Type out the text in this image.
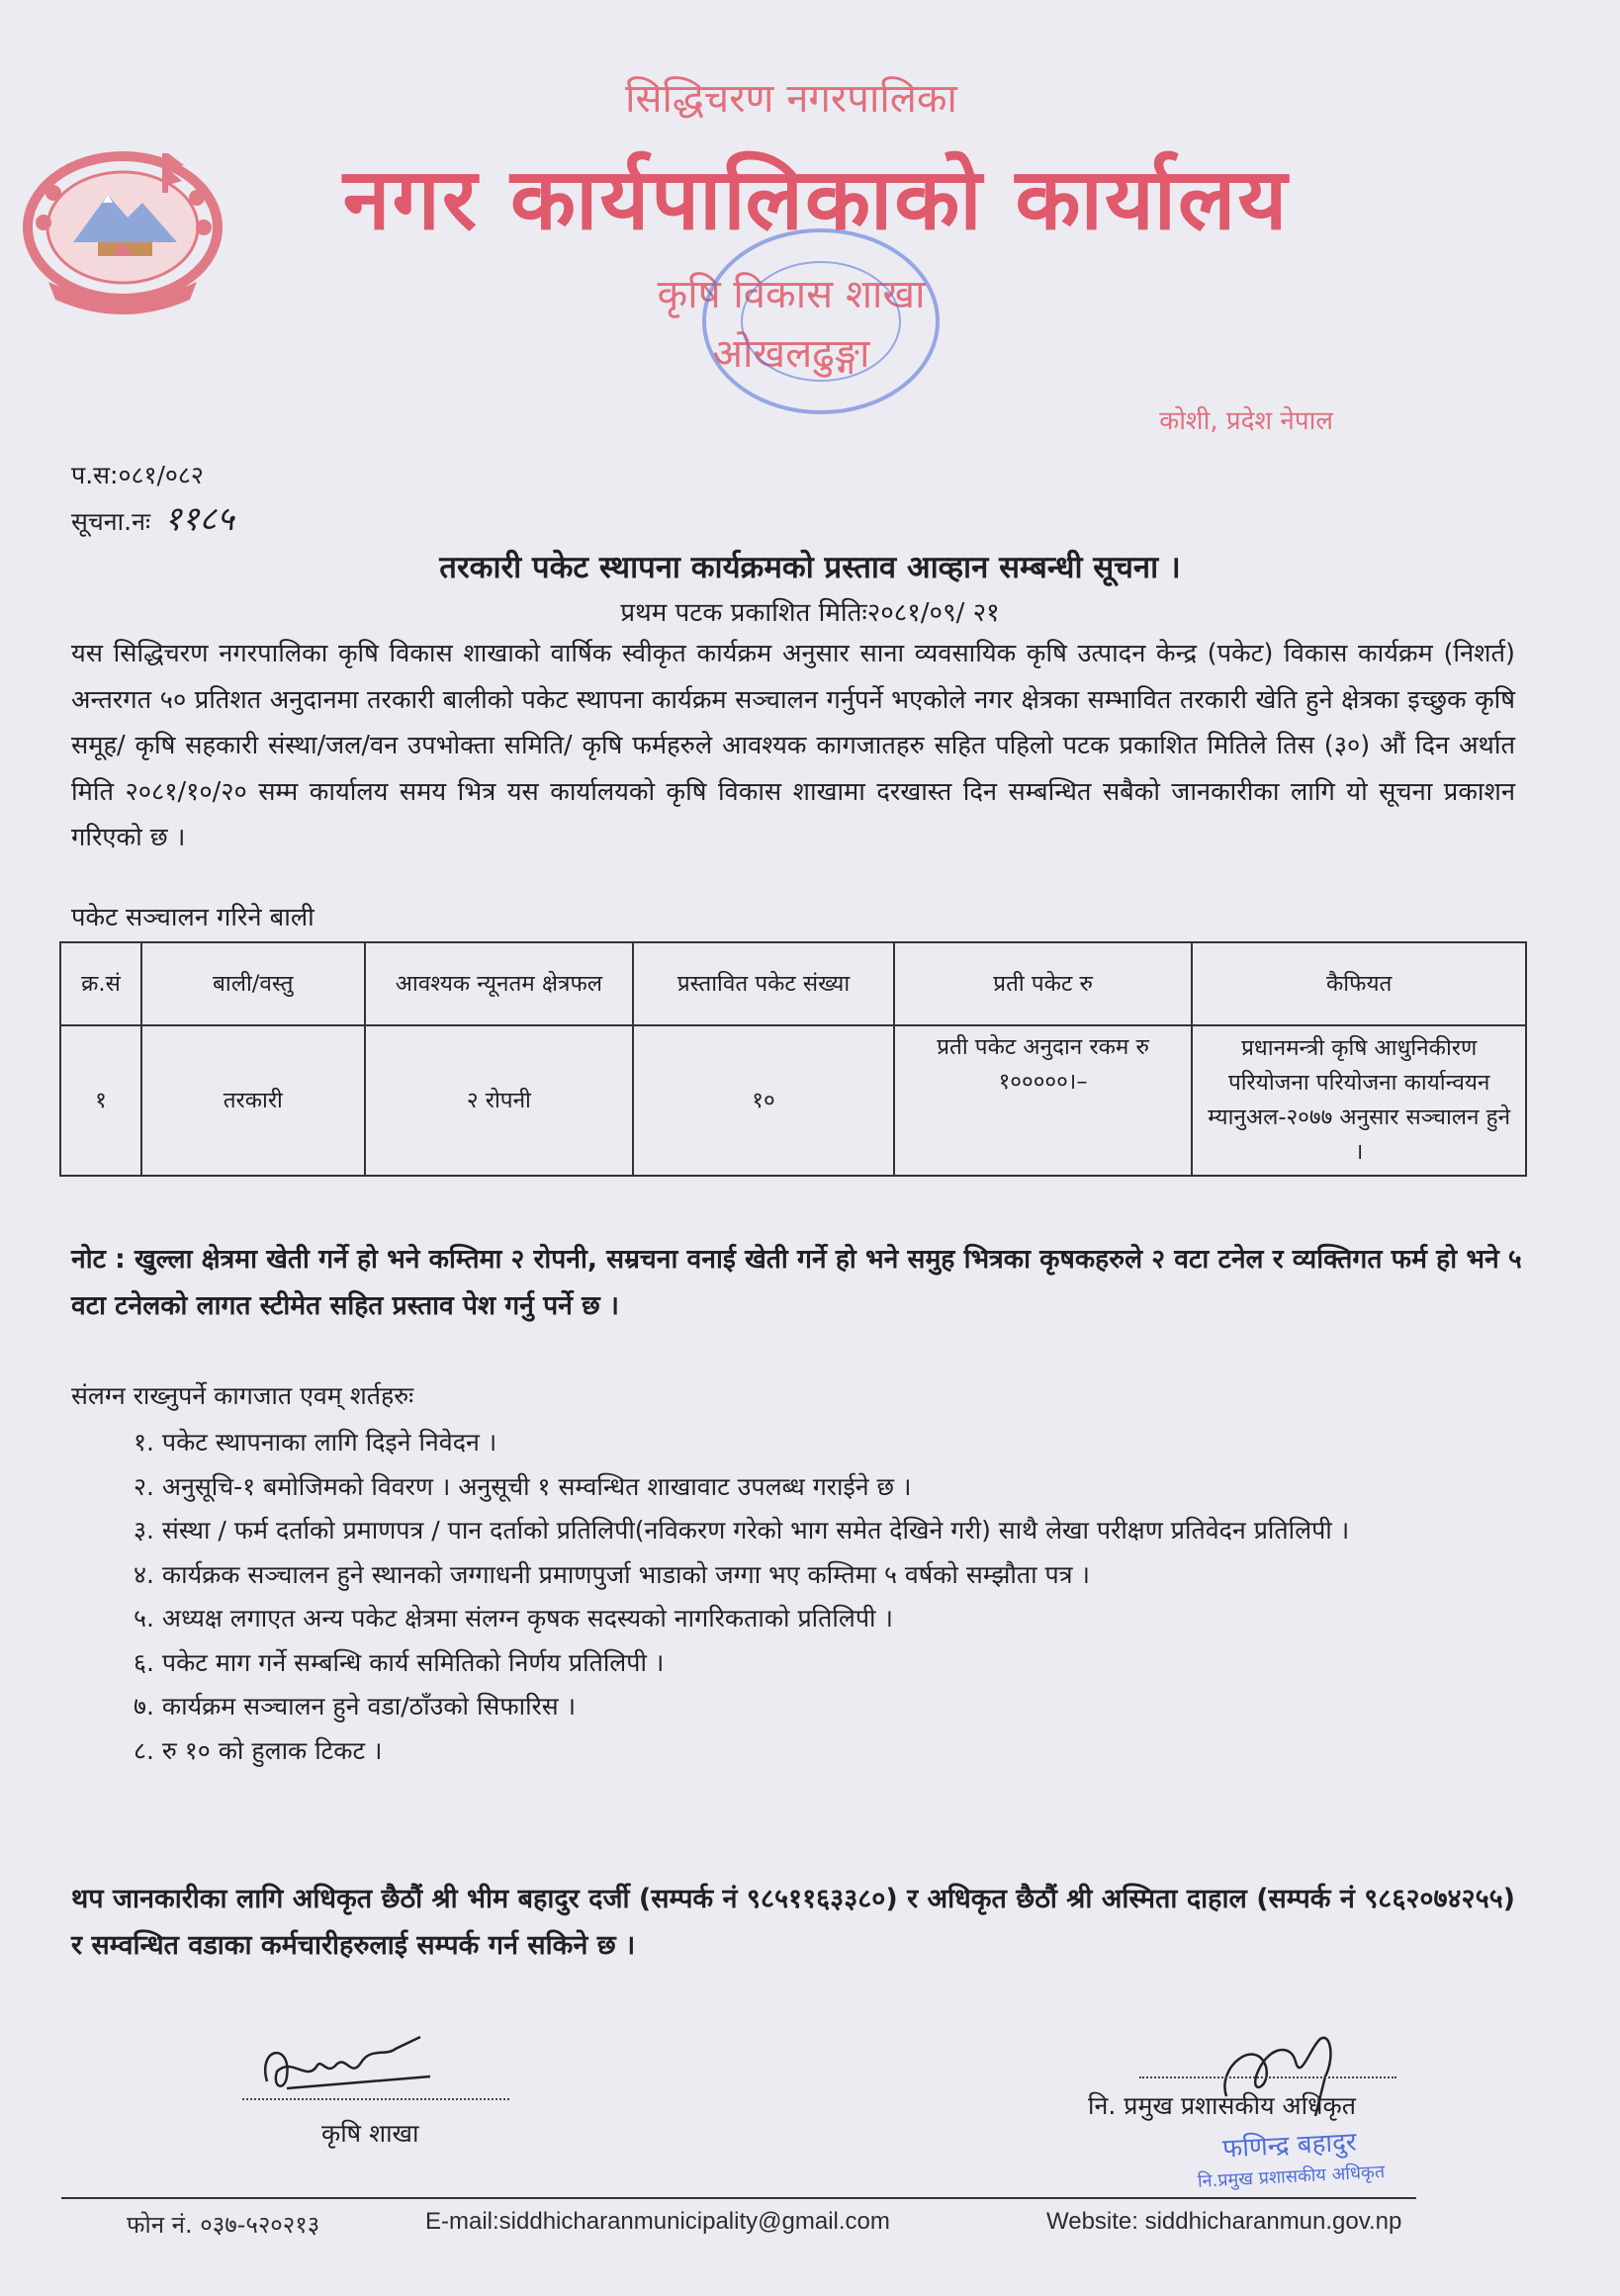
सिद्धिचरण नगरपालिका
नगर कार्यपालिकाको कार्यालय
कृषि विकास शाखा
ओखलढुङ्गा
कोशी, प्रदेश नेपाल
प.स:०८१/०८२
सूचना.नः ११८५
तरकारी पकेट स्थापना कार्यक्रमको प्रस्ताव आव्हान सम्बन्धी सूचना ।
प्रथम पटक प्रकाशित मितिः२०८१/०९/ २१
यस सिद्धिचरण नगरपालिका कृषि विकास शाखाको वार्षिक स्वीकृत कार्यक्रम अनुसार साना व्यवसायिक कृषि उत्पादन केन्द्र (पकेट) विकास कार्यक्रम (निशर्त) अन्तरगत ५० प्रतिशत अनुदानमा तरकारी बालीको पकेट स्थापना कार्यक्रम सञ्चालन गर्नुपर्ने भएकोले नगर क्षेत्रका सम्भावित तरकारी खेति हुने क्षेत्रका इच्छुक कृषि समूह/ कृषि सहकारी संस्था/जल/वन उपभोक्ता समिति/ कृषि फर्महरुले आवश्यक कागजातहरु सहित पहिलो पटक प्रकाशित मितिले तिस (३०) औं दिन अर्थात मिति २०८१/१०/२० सम्म कार्यालय समय भित्र यस कार्यालयको कृषि विकास शाखामा दरखास्त दिन सम्बन्धित सबैको जानकारीका लागि यो सूचना प्रकाशन गरिएको छ ।
पकेट सञ्चालन गरिने बाली
क्र.सं	बाली/वस्तु	आवश्यक न्यूनतम क्षेत्रफल	प्रस्तावित पकेट संख्या	प्रती पकेट रु	कैफियत
१	तरकारी	२ रोपनी	१०	प्रती पकेट अनुदान रकम रु १०००००।–	प्रधानमन्त्री कृषि आधुनिकीरण परियोजना परियोजना कार्यान्वयन म्यानुअल-२०७७ अनुसार सञ्चालन हुने ।
नोट : खुल्ला क्षेत्रमा खेती गर्ने हो भने कम्तिमा २ रोपनी, सम्रचना वनाई खेती गर्ने हो भने समुह भित्रका कृषकहरुले २ वटा टनेल र व्यक्तिगत फर्म हो भने ५ वटा टनेलको लागत स्टीमेत सहित प्रस्ताव पेश गर्नु पर्ने छ ।
संलग्न राख्नुपर्ने कागजात एवम् शर्तहरुः
१. पकेट स्थापनाका लागि दिइने निवेदन ।
२. अनुसूचि-१ बमोजिमको विवरण । अनुसूची १ सम्वन्धित शाखावाट उपलब्ध गराईने छ ।
३. संस्था / फर्म दर्ताको प्रमाणपत्र / पान दर्ताको प्रतिलिपी(नविकरण गरेको भाग समेत देखिने गरी) साथै लेखा परीक्षण प्रतिवेदन प्रतिलिपी ।
४. कार्यक्रक सञ्चालन हुने स्थानको जग्गाधनी प्रमाणपुर्जा भाडाको जग्गा भए कम्तिमा ५ वर्षको सम्झौता पत्र ।
५. अध्यक्ष लगाएत अन्य पकेट क्षेत्रमा संलग्न कृषक सदस्यको नागरिकताको प्रतिलिपी ।
६. पकेट माग गर्ने सम्बन्धि कार्य समितिको निर्णय प्रतिलिपी ।
७. कार्यक्रम सञ्चालन हुने वडा/ठाँउको सिफारिस ।
८. रु १० को हुलाक टिकट ।
थप जानकारीका लागि अधिकृत छैठौं श्री भीम बहादुर दर्जी (सम्पर्क नं ९८५११६३३८०) र अधिकृत छैठौं श्री अस्मिता दाहाल (सम्पर्क नं ९८६२०७४२५५) र सम्वन्धित वडाका कर्मचारीहरुलाई सम्पर्क गर्न सकिने छ ।
कृषि शाखा
नि. प्रमुख प्रशासकीय अधिकृत
फणिन्द्र बहादुर
नि.प्रमुख प्रशासकीय अधिकृत
फोन नं. ०३७-५२०२१३	E-mail:siddhicharanmunicipality@gmail.com	Website: siddhicharanmun.gov.np
